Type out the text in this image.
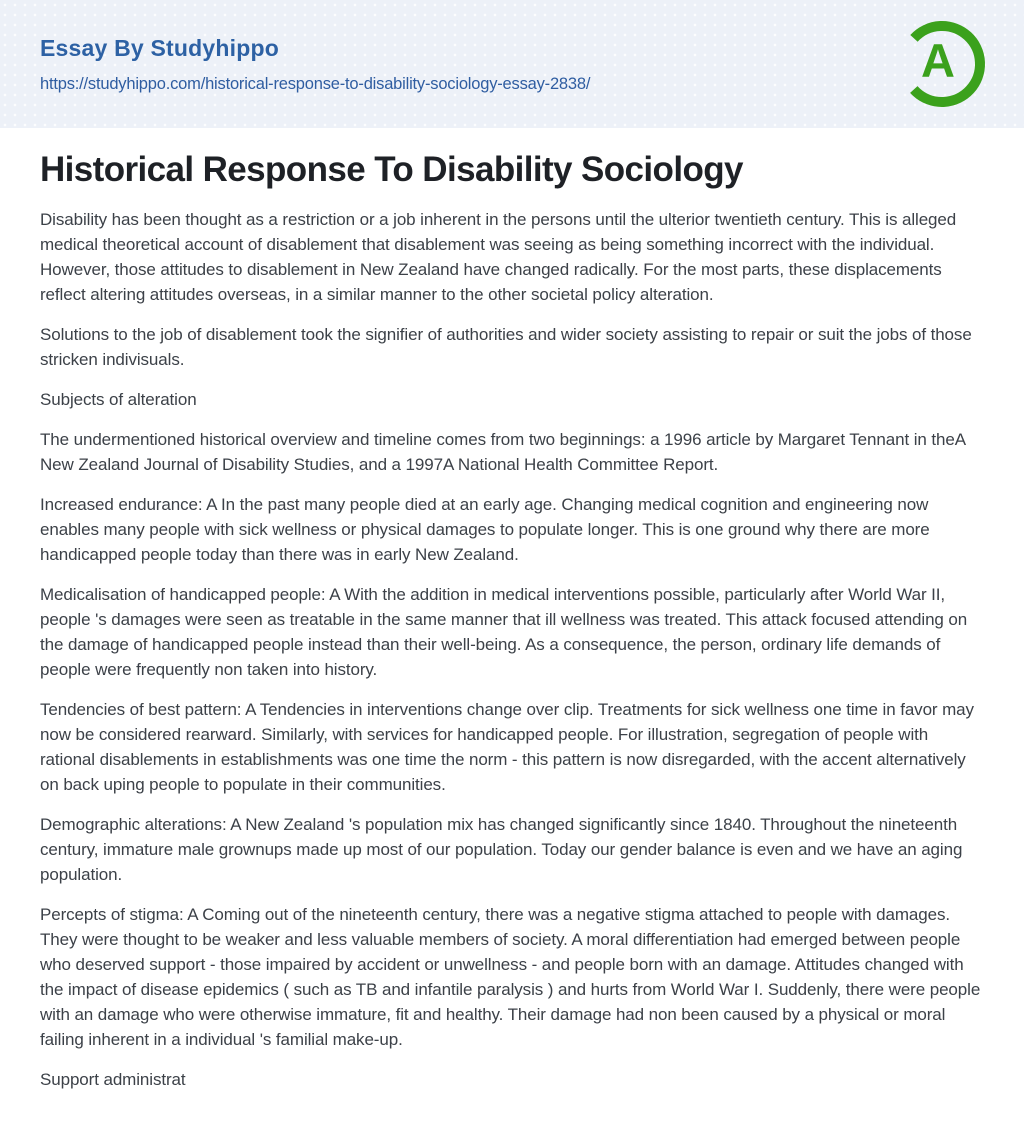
Essay By Studyhippo
https://studyhippo.com/historical-response-to-disability-sociology-essay-2838/	A
Historical Response To Disability Sociology

Disability has been thought as a restriction or a job inherent in the persons until the ulterior twentieth century. This is alleged medical theoretical account of disablement that disablement was seeing as being something incorrect with the individual. However, those attitudes to disablement in New Zealand have changed radically. For the most parts, these displacements reflect altering attitudes overseas, in a similar manner to the other societal policy alteration.

Solutions to the job of disablement took the signifier of authorities and wider society assisting to repair or suit the jobs of those stricken indivisuals.

Subjects of alteration

The undermentioned historical overview and timeline comes from two beginnings: a 1996 article by Margaret Tennant in theA New Zealand Journal of Disability Studies, and a 1997A National Health Committee Report.

Increased endurance: A In the past many people died at an early age. Changing medical cognition and engineering now enables many people with sick wellness or physical damages to populate longer. This is one ground why there are more handicapped people today than there was in early New Zealand.

Medicalisation of handicapped people: A With the addition in medical interventions possible, particularly after World War II, people 's damages were seen as treatable in the same manner that ill wellness was treated. This attack focused attending on the damage of handicapped people instead than their well-being. As a consequence, the person, ordinary life demands of people were frequently non taken into history.

Tendencies of best pattern: A Tendencies in interventions change over clip. Treatments for sick wellness one time in favor may now be considered rearward. Similarly, with services for handicapped people. For illustration, segregation of people with rational disablements in establishments was one time the norm - this pattern is now disregarded, with the accent alternatively on back uping people to populate in their communities.

Demographic alterations: A New Zealand 's population mix has changed significantly since 1840. Throughout the nineteenth century, immature male grownups made up most of our population. Today our gender balance is even and we have an aging population.

Percepts of stigma: A Coming out of the nineteenth century, there was a negative stigma attached to people with damages. They were thought to be weaker and less valuable members of society. A moral differentiation had emerged between people who deserved support - those impaired by accident or unwellness - and people born with an damage. Attitudes changed with the impact of disease epidemics ( such as TB and infantile paralysis ) and hurts from World War I. Suddenly, there were people with an damage who were otherwise immature, fit and healthy. Their damage had non been caused by a physical or moral failing inherent in a individual 's familial make-up.

Support administrat
